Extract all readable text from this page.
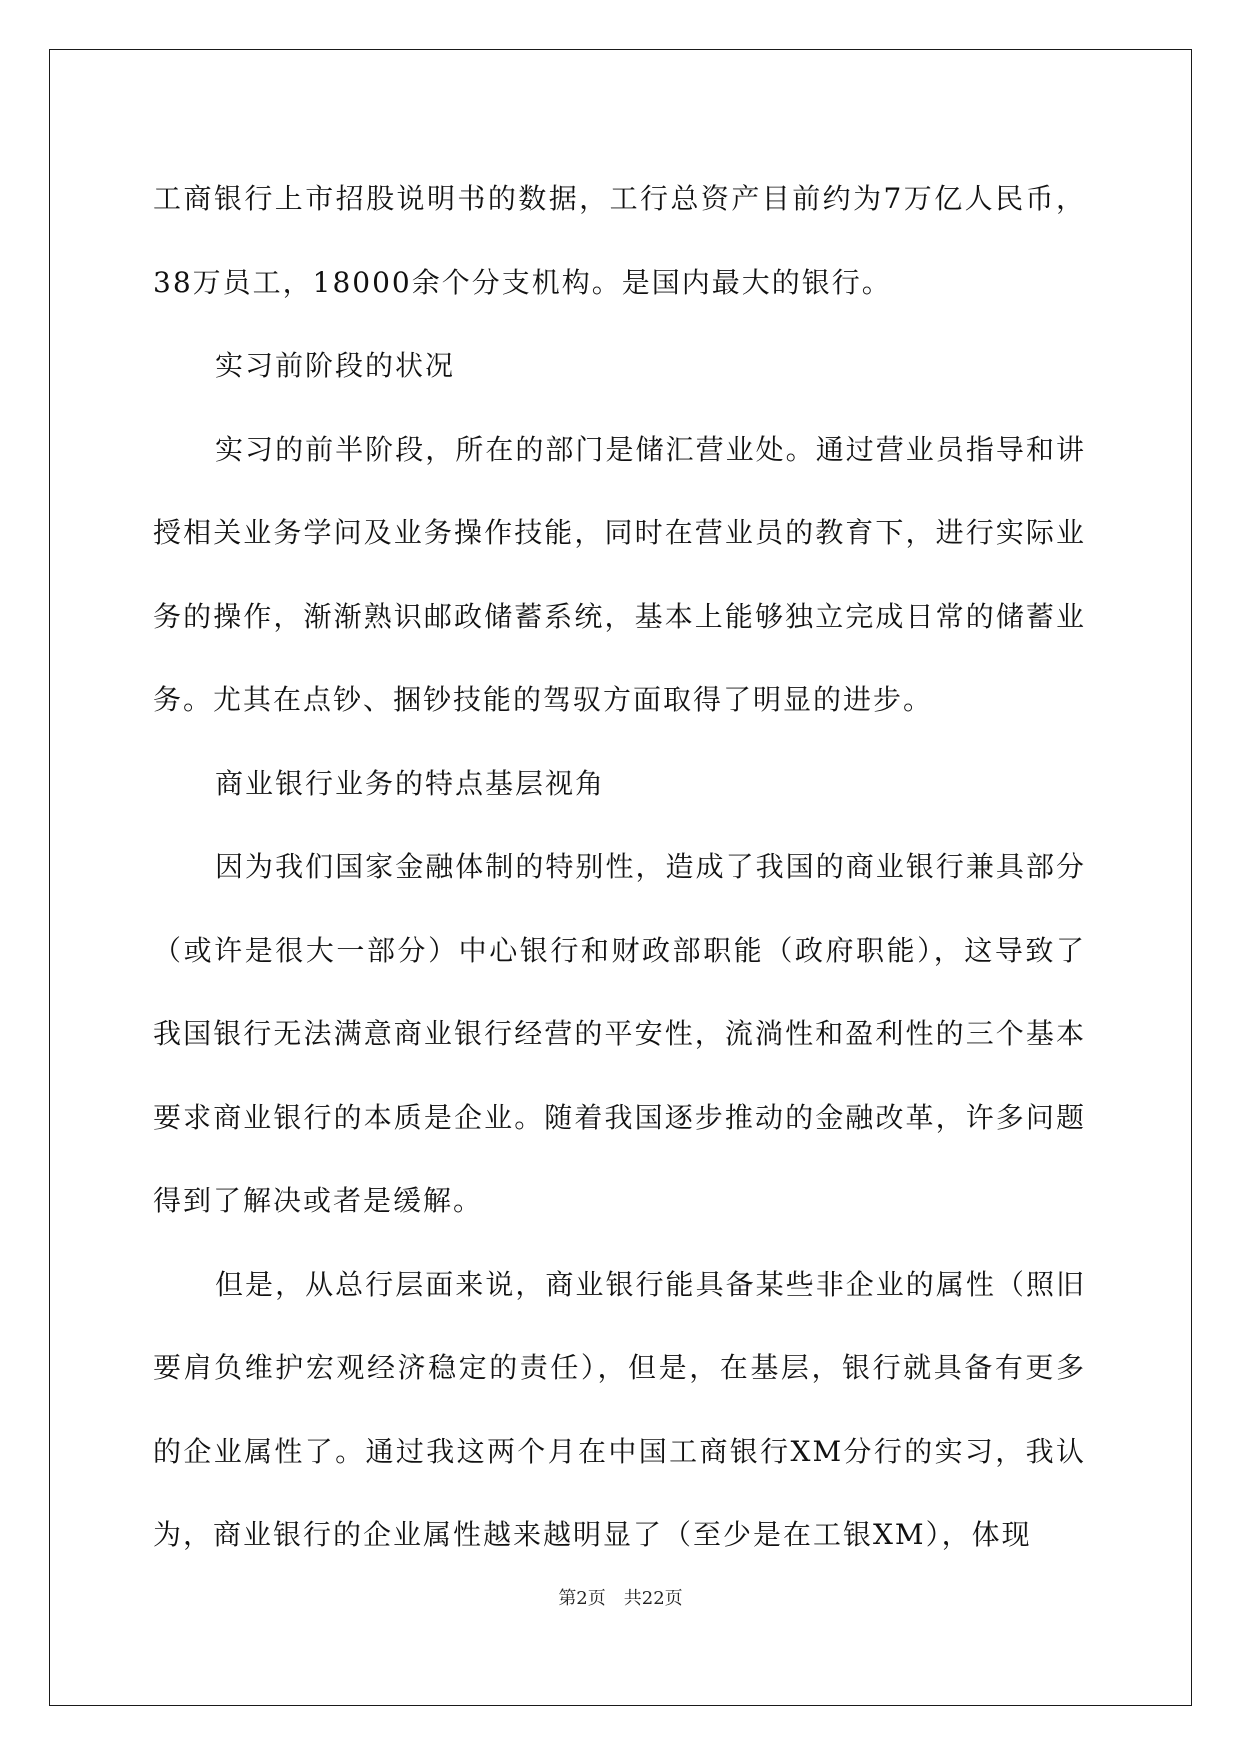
工商银行上市招股说明书的数据，工行总资产目前约为7万亿人民币，38万员工，18000余个分支机构。是国内最大的银行。

实习前阶段的状况

实习的前半阶段，所在的部门是储汇营业处。通过营业员指导和讲授相关业务学问及业务操作技能，同时在营业员的教育下，进行实际业务的操作，渐渐熟识邮政储蓄系统，基本上能够独立完成日常的储蓄业务。尤其在点钞、捆钞技能的驾驭方面取得了明显的进步。

商业银行业务的特点基层视角

因为我们国家金融体制的特别性，造成了我国的商业银行兼具部分（或许是很大一部分）中心银行和财政部职能（政府职能），这导致了我国银行无法满意商业银行经营的平安性，流淌性和盈利性的三个基本要求商业银行的本质是企业。随着我国逐步推动的金融改革，许多问题得到了解决或者是缓解。

但是，从总行层面来说，商业银行能具备某些非企业的属性（照旧要肩负维护宏观经济稳定的责任），但是，在基层，银行就具备有更多的企业属性了。通过我这两个月在中国工商银行XM分行的实习，我认为，商业银行的企业属性越来越明显了（至少是在工银XM），体现

第2页 共22页
